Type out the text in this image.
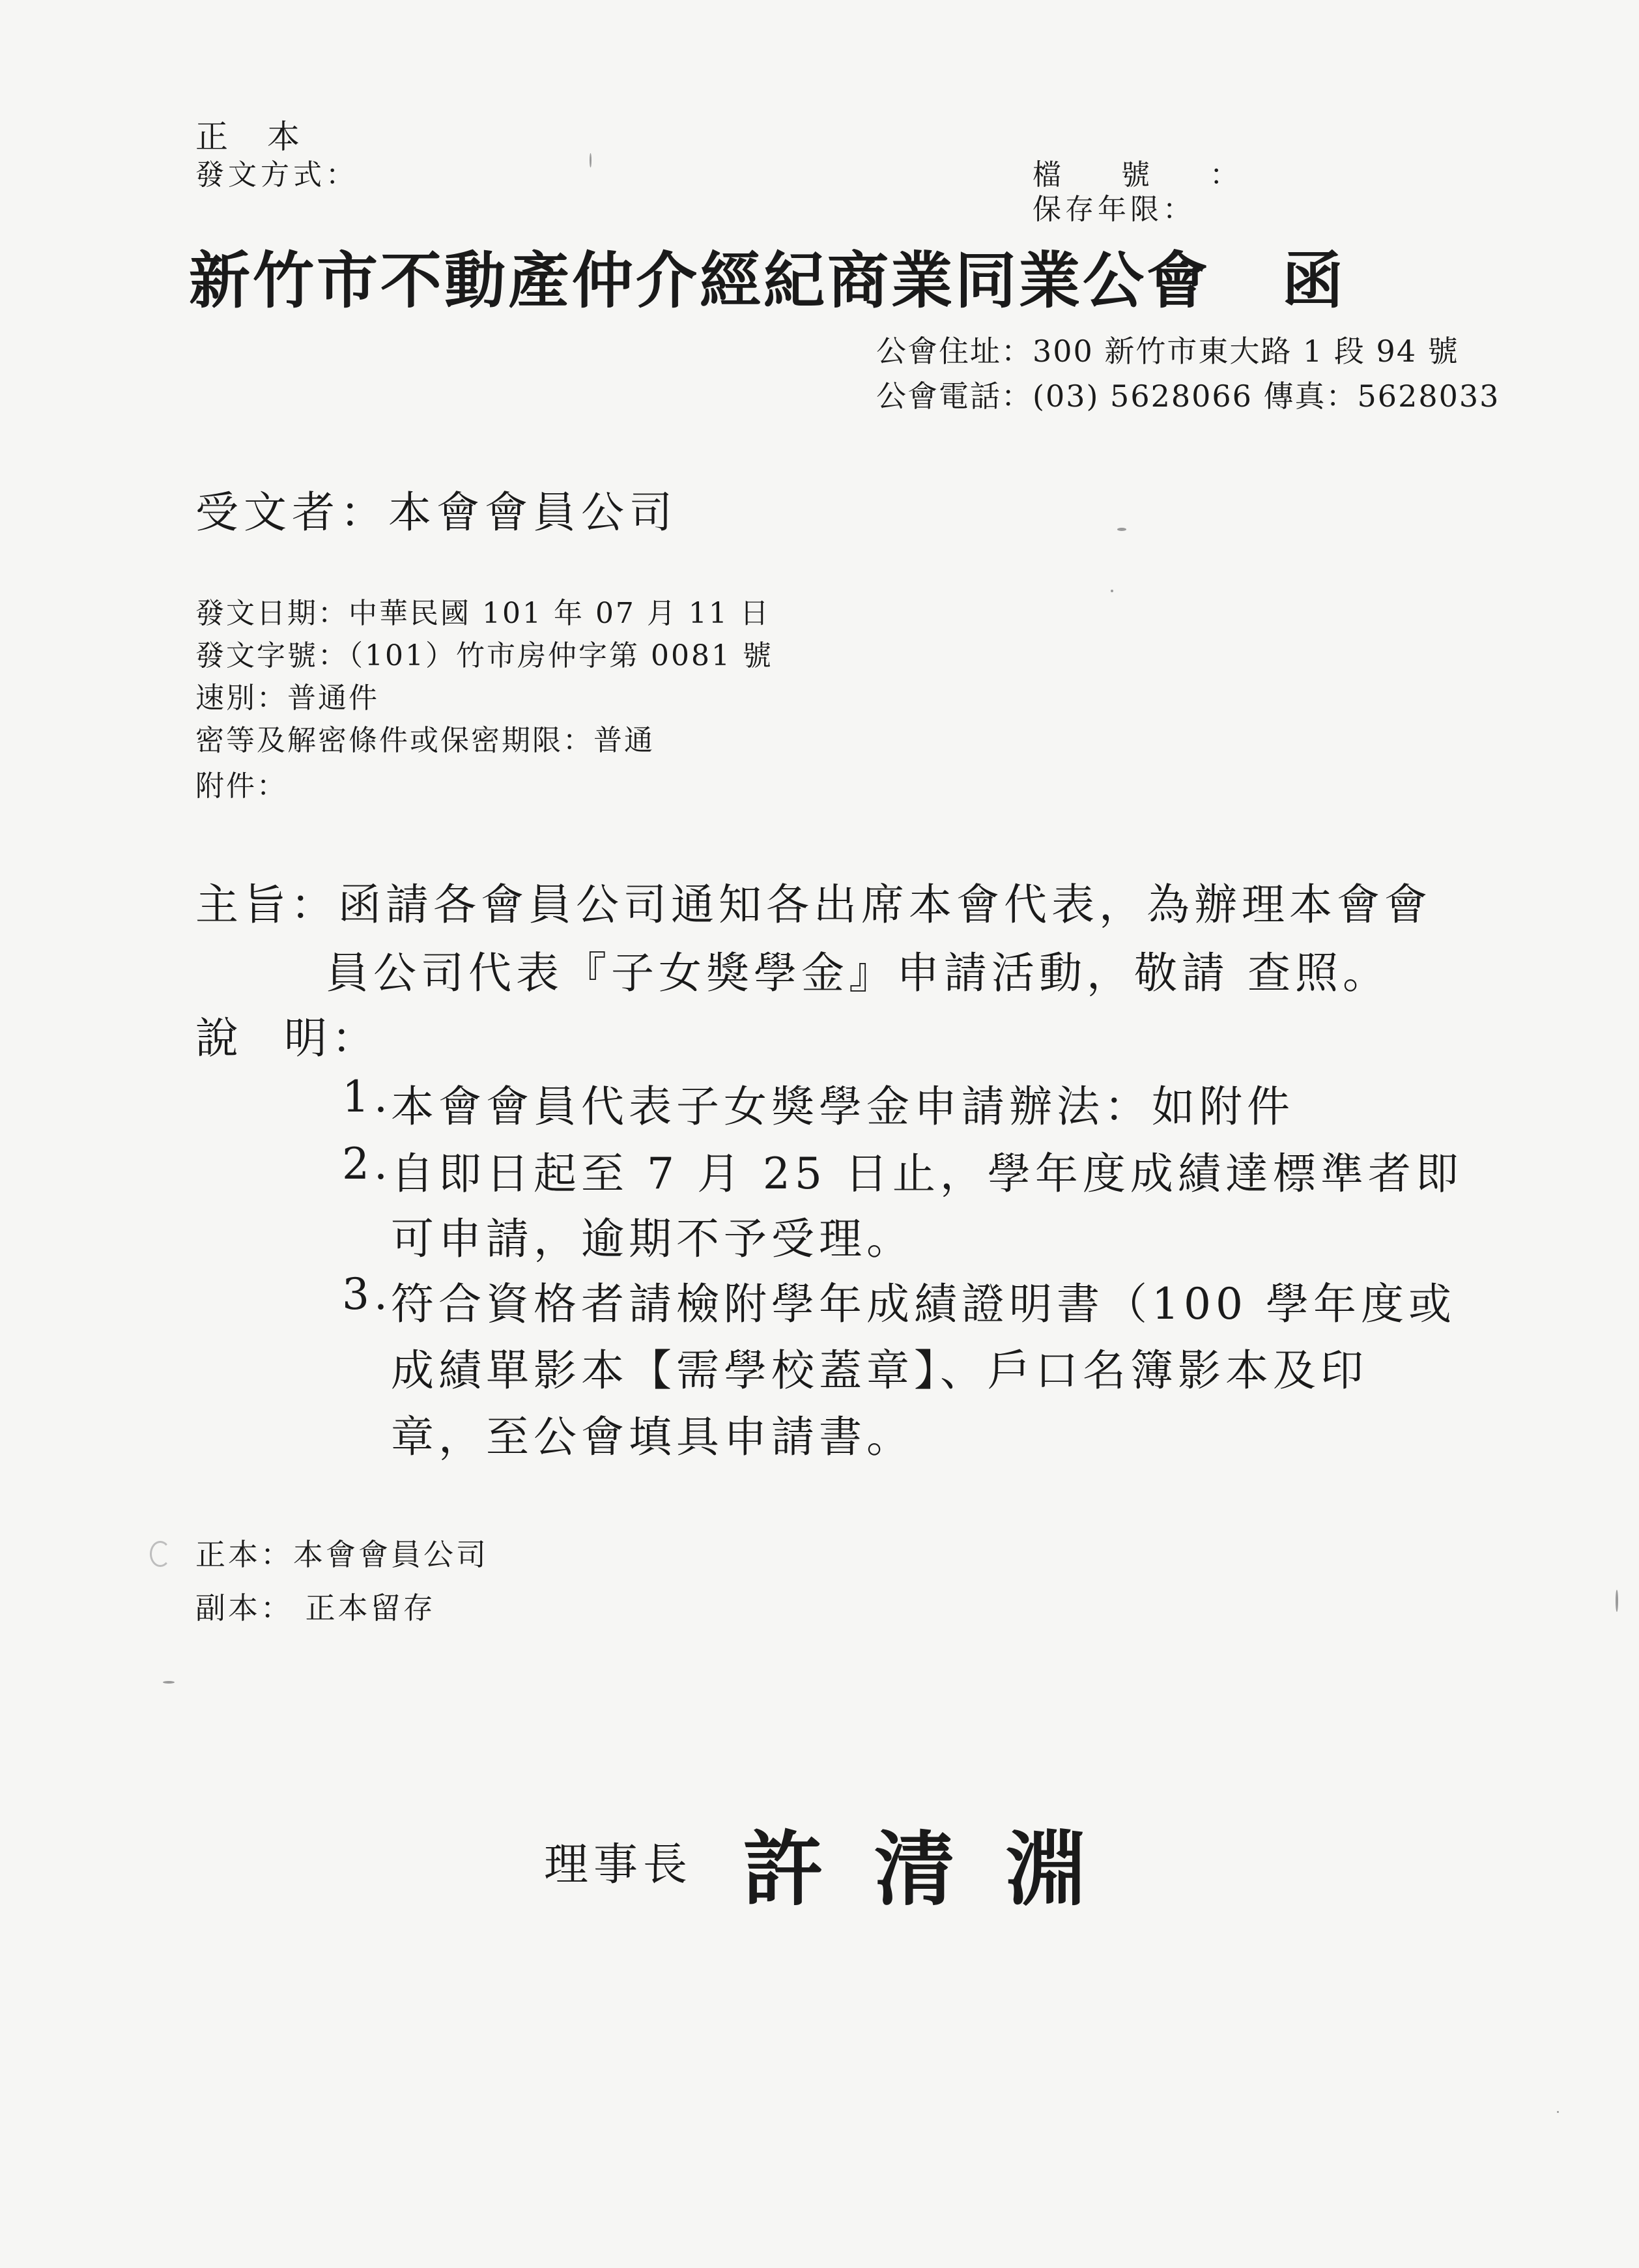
正本
發文方式：	檔號：
保存年限：
新竹市不動產仲介經紀商業同業公會 函
公會住址：300 新竹市東大路 1 段 94 號
公會電話：(03) 5628066 傳真：5628033
受文者：本會會員公司
發文日期：中華民國 101 年 07 月 11 日
發文字號：（101）竹市房仲字第 0081 號
速別：普通件
密等及解密條件或保密期限：普通
附件：
主旨：函請各會員公司通知各出席本會代表，為辦理本會會
員公司代表『子女獎學金』申請活動，敬請 查照。
說明：
1.
本會會員代表子女獎學金申請辦法：如附件
2.
自即日起至 7 月 25 日止，學年度成績達標準者即
可申請，逾期不予受理。
3.
符合資格者請檢附學年成績證明書（100 學年度或
成績單影本【需學校蓋章】、戶口名簿影本及印
章，至公會填具申請書。
正本：本會會員公司
副本： 正本留存
理事長 許清淵
